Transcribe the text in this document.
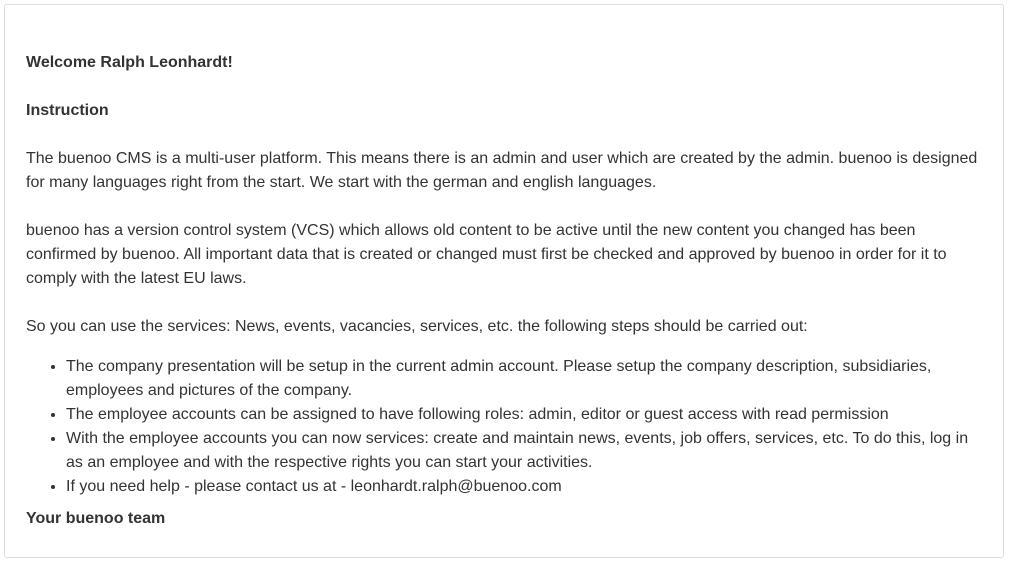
Welcome Ralph Leonhardt!

Instruction

The buenoo CMS is a multi-user platform. This means there is an admin and user which are created by the admin. buenoo is designed for many languages right from the start. We start with the german and english languages.

buenoo has a version control system (VCS) which allows old content to be active until the new content you changed has been confirmed by buenoo. All important data that is created or changed must first be checked and approved by buenoo in order for it to comply with the latest EU laws.

So you can use the services: News, events, vacancies, services, etc. the following steps should be carried out:

• The company presentation will be setup in the current admin account. Please setup the company description, subsidiaries, employees and pictures of the company.
• The employee accounts can be assigned to have following roles: admin, editor or guest access with read permission
• With the employee accounts you can now services: create and maintain news, events, job offers, services, etc. To do this, log in as an employee and with the respective rights you can start your activities.
• If you need help - please contact us at - leonhardt.ralph@buenoo.com

Your buenoo team
